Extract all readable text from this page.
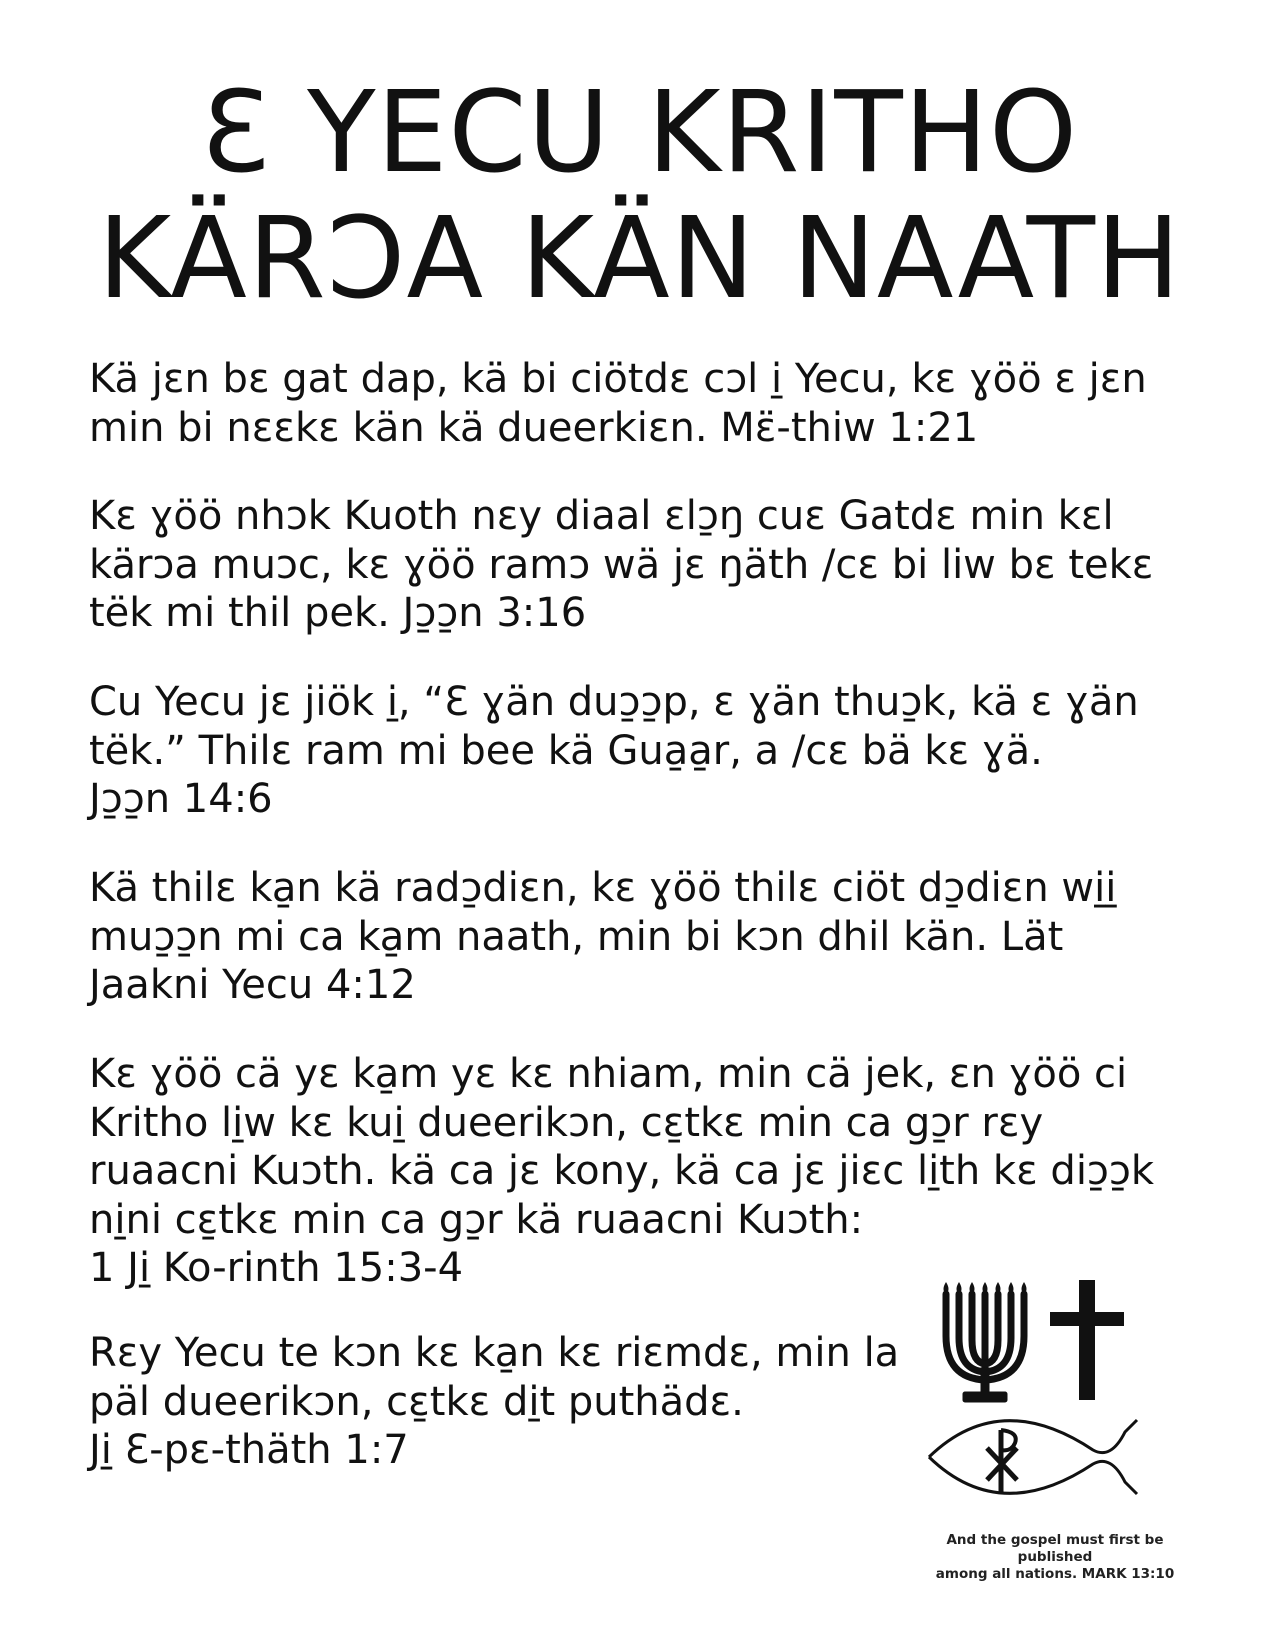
Ɛ YECU KRITHO
KÄRƆA KÄN NAATH

Kä jɛn bɛ gat dap, kä bi ciötdɛ cɔl i̱ Yecu, kɛ ɣöö ɛ jɛn
min bi nɛɛkɛ kän kä dueerkiɛn. Mɛ̈-thiw 1:21

Kɛ ɣöö nhɔk Kuoth nɛy diaal ɛlɔ̱ŋ cuɛ Gatdɛ min kɛl
kärɔa muɔc, kɛ ɣöö ramɔ wä jɛ ŋäth /cɛ bi liw bɛ tekɛ
tëk mi thil pek. Jɔ̱ɔ̱n 3:16

Cu Yecu jɛ jiök i̱, “Ɛ ɣän duɔ̱ɔ̱p, ɛ ɣän thuɔ̱k, kä ɛ ɣän
tëk.” Thilɛ ram mi bee kä Gua̱a̱r, a /cɛ bä kɛ ɣä.
Jɔ̱ɔ̱n 14:6

Kä thilɛ ka̱n kä radɔ̱diɛn, kɛ ɣöö thilɛ ciöt dɔ̱diɛn wi̱i̱
muɔ̱ɔ̱n mi ca ka̱m naath, min bi kɔn dhil kän. Lät
Jaakni Yecu 4:12

Kɛ ɣöö cä yɛ ka̱m yɛ kɛ nhiam, min cä jek, ɛn ɣöö ci
Kritho li̱w kɛ kui̱ dueerikɔn, cɛ̱tkɛ min ca gɔ̱r rɛy
ruaacni Kuɔth. kä ca jɛ kony, kä ca jɛ jiɛc li̱th kɛ diɔ̱ɔ̱k
ni̱ni cɛ̱tkɛ min ca gɔ̱r kä ruaacni Kuɔth:
1 Ji̱ Ko-rinth 15:3-4

Rɛy Yecu te kɔn kɛ ka̱n kɛ riɛmdɛ, min la
päl dueerikɔn, cɛ̱tkɛ di̱t puthädɛ.
Ji̱ Ɛ-pɛ-thäth 1:7

And the gospel must first be published
among all nations. MARK 13:10
